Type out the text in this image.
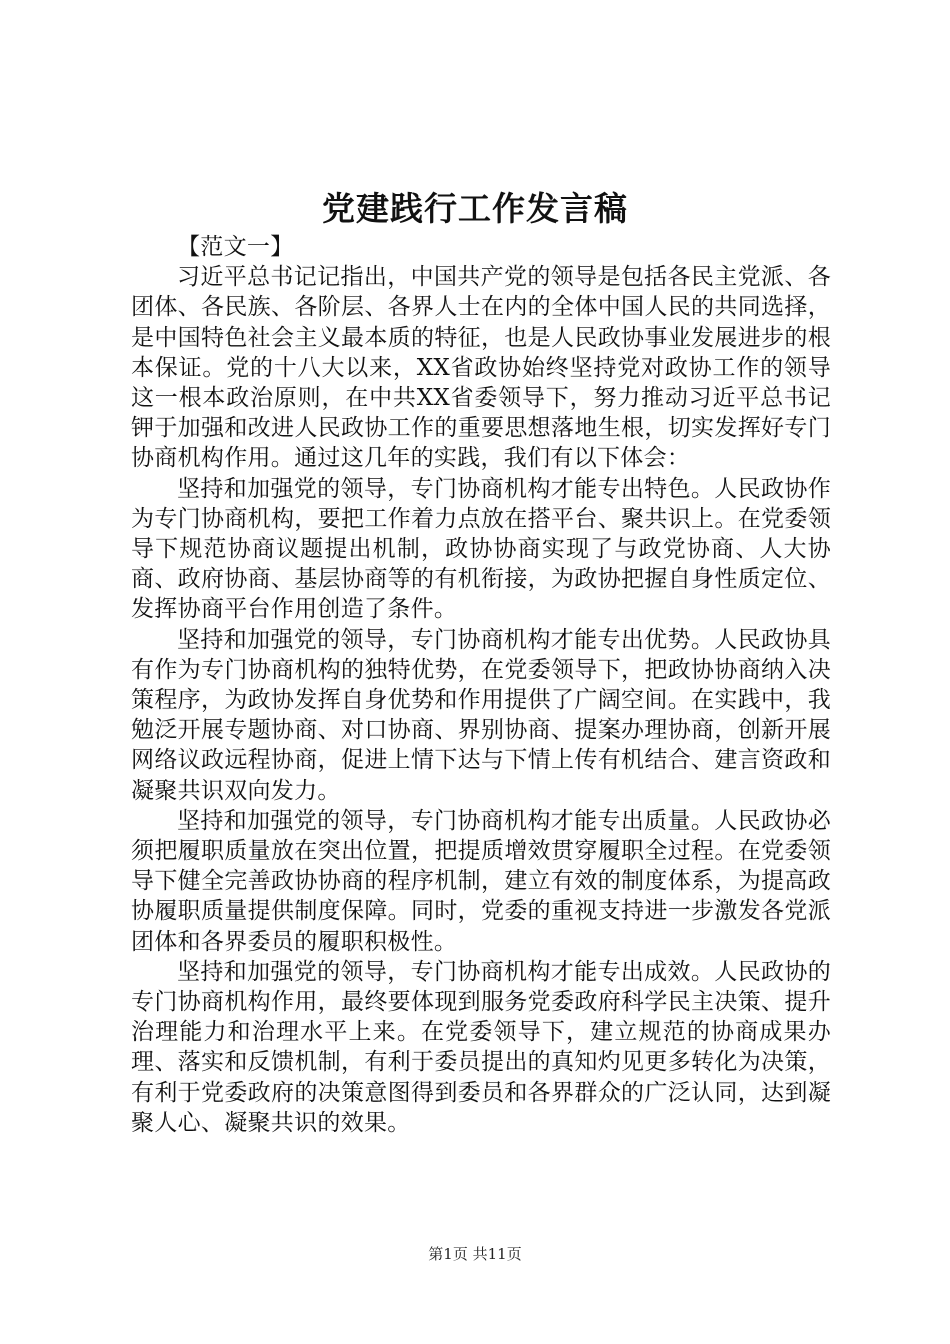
党建践行工作发言稿

【范文一】

习近平总书记记指出，中国共产党的领导是包括各民主党派、各团体、各民族、各阶层、各界人士在内的全体中国人民的共同选择，是中国特色社会主义最本质的特征，也是人民政协事业发展进步的根本保证。党的十八大以来，XX省政协始终坚持党对政协工作的领导这一根本政治原则，在中共XX省委领导下，努力推动习近平总书记钾于加强和改进人民政协工作的重要思想落地生根，切实发挥好专门协商机构作用。通过这几年的实践，我们有以下体会：

坚持和加强党的领导，专门协商机构才能专出特色。人民政协作为专门协商机构，要把工作着力点放在搭平台、聚共识上。在党委领导下规范协商议题提出机制，政协协商实现了与政党协商、人大协商、政府协商、基层协商等的有机衔接，为政协把握自身性质定位、发挥协商平台作用创造了条件。

坚持和加强党的领导，专门协商机构才能专出优势。人民政协具有作为专门协商机构的独特优势，在党委领导下，把政协协商纳入决策程序，为政协发挥自身优势和作用提供了广阔空间。在实践中，我勉泛开展专题协商、对口协商、界别协商、提案办理协商，创新开展网络议政远程协商，促进上情下达与下情上传有机结合、建言资政和凝聚共识双向发力。

坚持和加强党的领导，专门协商机构才能专出质量。人民政协必须把履职质量放在突出位置，把提质增效贯穿履职全过程。在党委领导下健全完善政协协商的程序机制，建立有效的制度体系，为提高政协履职质量提供制度保障。同时，党委的重视支持进一步激发各党派团体和各界委员的履职积极性。

坚持和加强党的领导，专门协商机构才能专出成效。人民政协的专门协商机构作用，最终要体现到服务党委政府科学民主决策、提升治理能力和治理水平上来。在党委领导下，建立规范的协商成果办理、落实和反馈机制，有利于委员提出的真知灼见更多转化为决策，有利于党委政府的决策意图得到委员和各界群众的广泛认同，达到凝聚人心、凝聚共识的效果。

第1页 共11页
